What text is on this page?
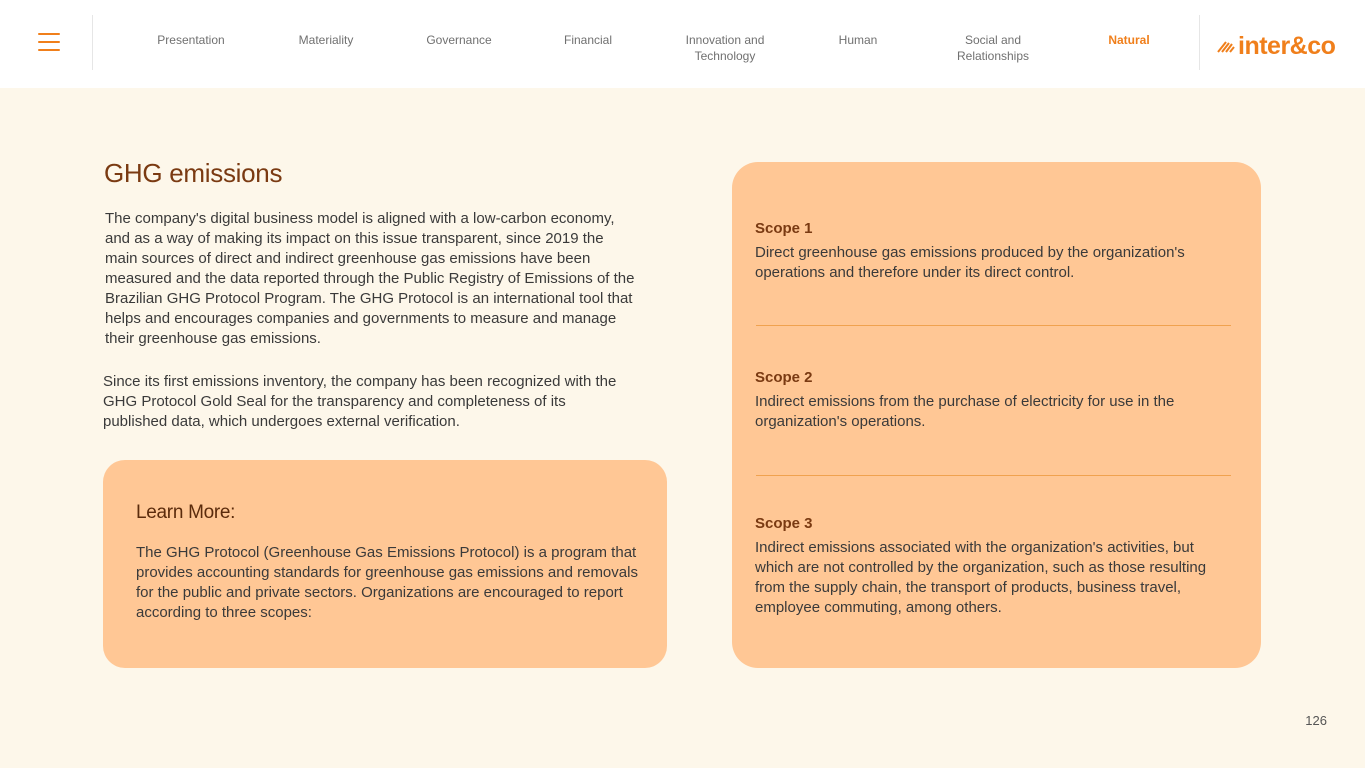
Presentation	Materiality	Governance	Financial	Innovation and
Technology
Human	Social and
Relationships
Natural	inter&co
GHG emissions

The company's digital business model is aligned with a low-carbon economy, and as a way of making its impact on this issue transparent, since 2019 the main sources of direct and indirect greenhouse gas emissions have been measured and the data reported through the Public Registry of Emissions of the Brazilian GHG Protocol Program. The GHG Protocol is an international tool that helps and encourages companies and governments to measure and manage their greenhouse gas emissions.

Since its first emissions inventory, the company has been recognized with the GHG Protocol Gold Seal for the transparency and completeness of its published data, which undergoes external verification.

Learn More:

The GHG Protocol (Greenhouse Gas Emissions Protocol) is a program that provides accounting standards for greenhouse gas emissions and removals for the public and private sectors. Organizations are encouraged to report according to three scopes:

Scope 1
Direct greenhouse gas emissions produced by the organization's operations and therefore under its direct control.
Scope 2
Indirect emissions from the purchase of electricity for use in the organization's operations.
Scope 3
Indirect emissions associated with the organization's activities, but which are not controlled by the organization, such as those resulting from the supply chain, the transport of products, business travel, employee commuting, among others.
126
